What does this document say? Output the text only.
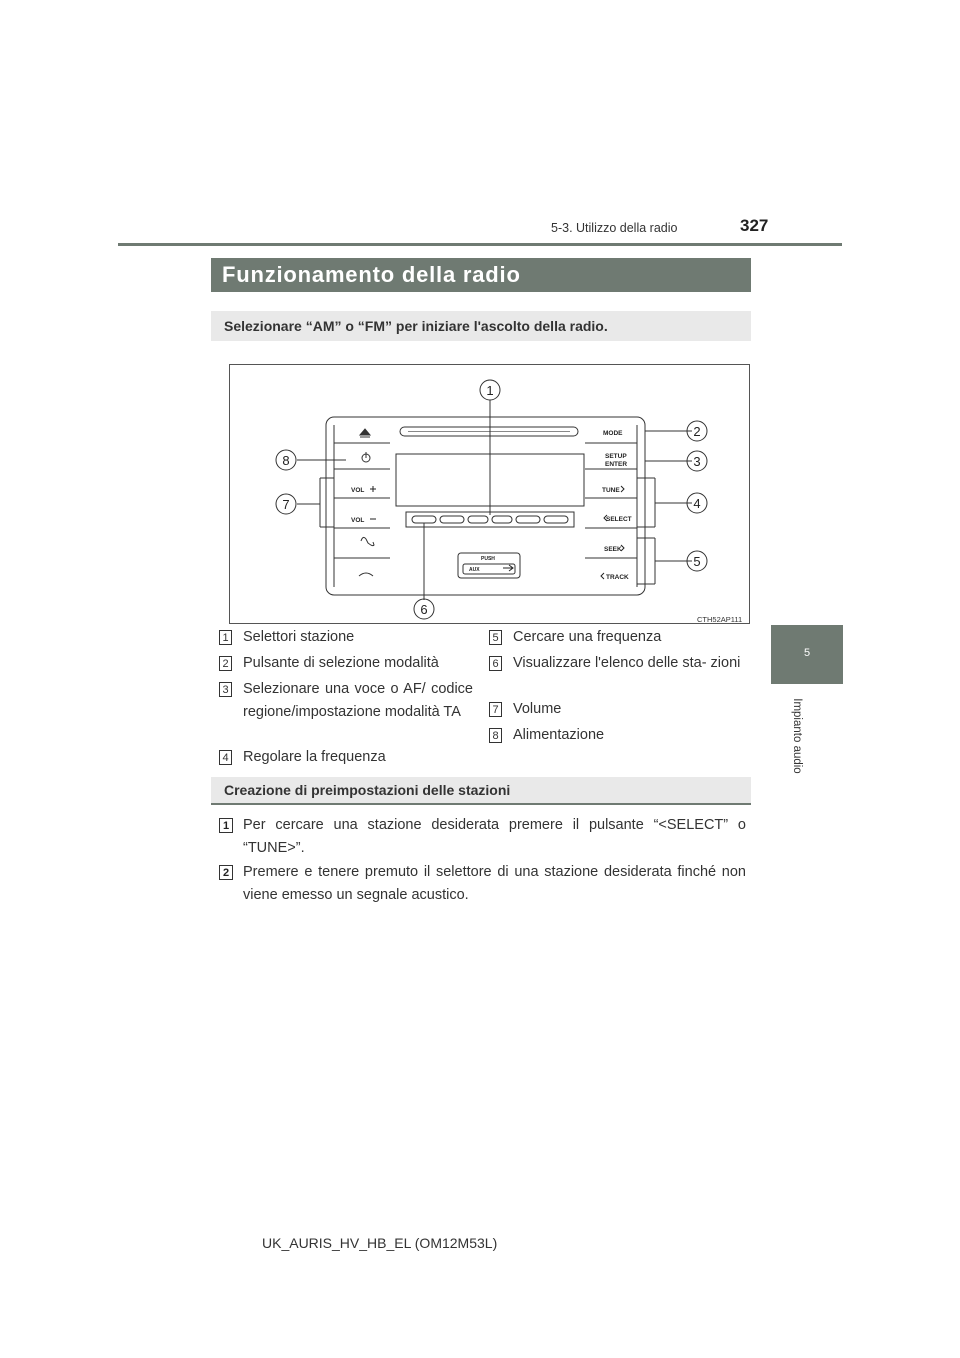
327
5-3. Utilizzo della radio
5
Impianto audio
Funzionamento della radio
Selezionare “AM” o “FM” per iniziare l'ascolto della radio.
1
2
3
4
5
6
7
8
MODE
SETUP
ENTER
TUNE
SELECT
SEEK
TRACK
VOL
VOL
PUSH
AUX
CTH52AP111
1 Selettori stazione
2 Pulsante di selezione modalità
3 Selezionare una voce o AF/ codice regione/impostazione modalità TA
4 Regolare la frequenza
5 Cercare una frequenza
6 Visualizzare l'elenco delle sta- zioni
7 Volume
8 Alimentazione
Creazione di preimpostazioni delle stazioni
1 Per cercare una stazione desiderata premere il pulsante “<SELECT” o “TUNE>”.
2 Premere e tenere premuto il selettore di una stazione desiderata finché non viene emesso un segnale acustico.
UK_AURIS_HV_HB_EL (OM12M53L)
